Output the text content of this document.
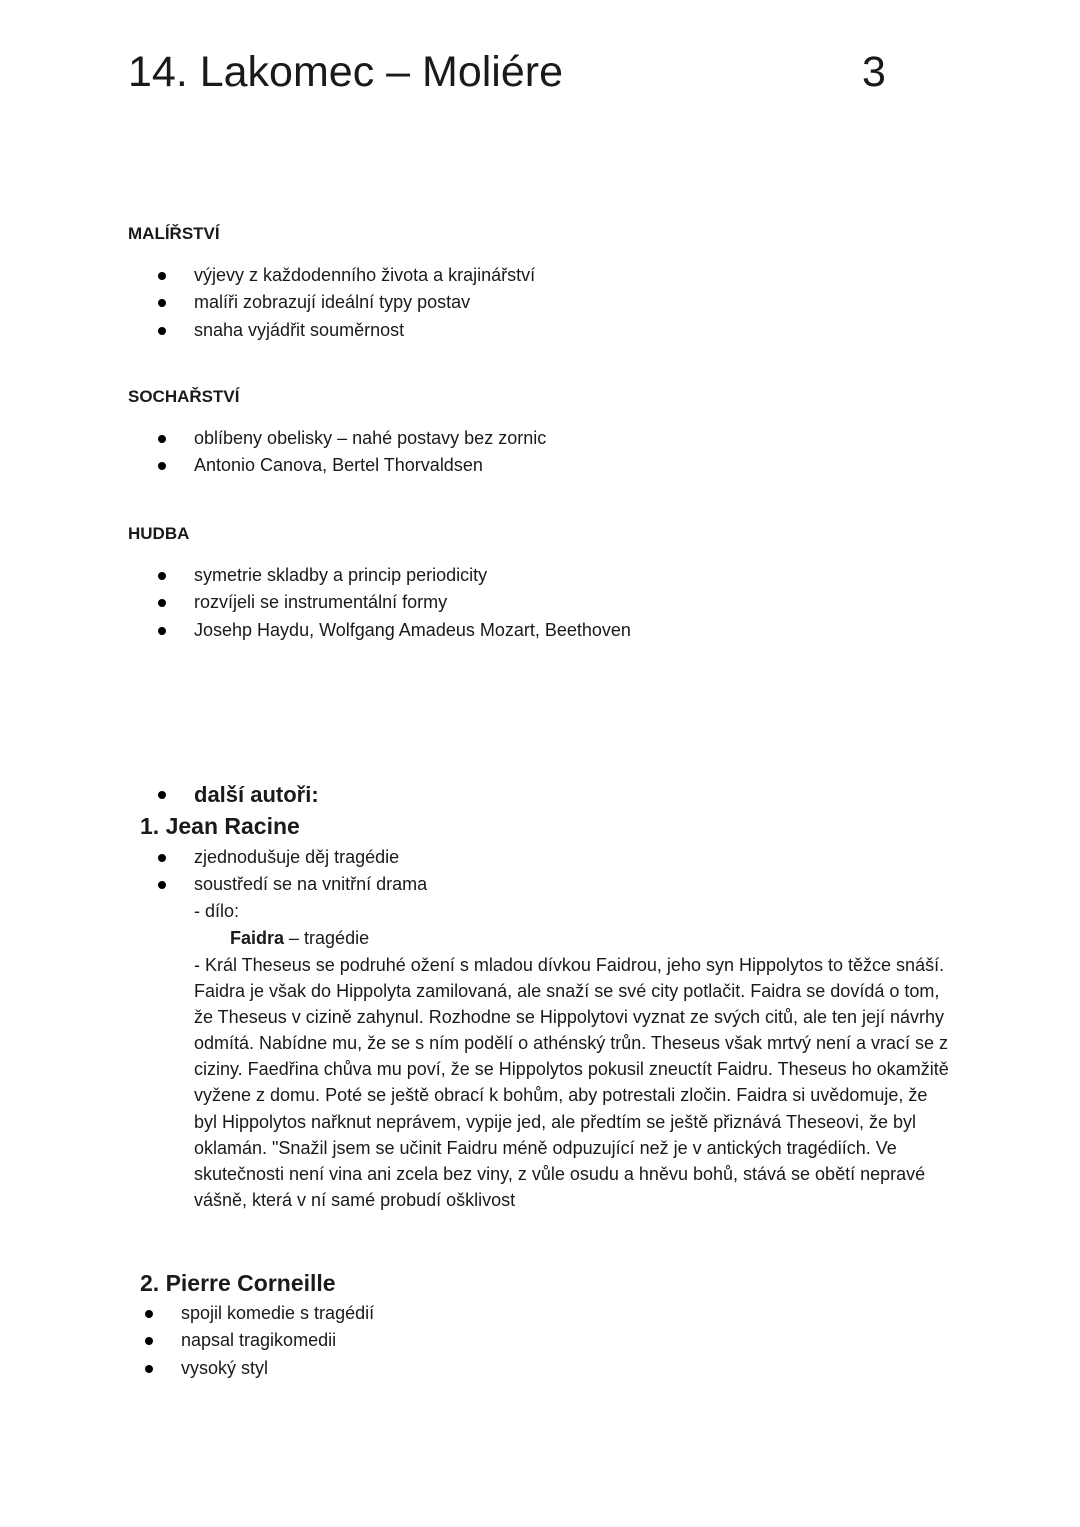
14. Lakomec – Moliére	3
MALÍŘSTVÍ
výjevy z každodenního života a krajinářství
malíři zobrazují ideální typy postav
snaha vyjádřit souměrnost
SOCHAŘSTVÍ
oblíbeny obelisky – nahé postavy bez zornic
Antonio Canova, Bertel Thorvaldsen
HUDBA
symetrie skladby a princip periodicity
rozvíjeli se instrumentální formy
Josehp Haydu, Wolfgang Amadeus Mozart, Beethoven
další autoři:
1. Jean Racine
zjednodušuje děj tragédie
soustředí se na vnitřní drama
- dílo:
Faidra – tragédie
- Král Theseus se podruhé ožení s mladou dívkou Faidrou, jeho syn Hippolytos to těžce snáší.
Faidra je však do Hippolyta zamilovaná, ale snaží se své city potlačit. Faidra se dovídá o tom,
že Theseus v cizině zahynul. Rozhodne se Hippolytovi vyznat ze svých citů, ale ten její návrhy
odmítá. Nabídne mu, že se s ním podělí o athénský trůn. Theseus však mrtvý není a vrací se z
ciziny. Faedřina chůva mu poví, že se Hippolytos pokusil zneuctít Faidru. Theseus ho okamžitě
vyžene z domu. Poté se ještě obrací k bohům, aby potrestali zločin. Faidra si uvědomuje, že
byl Hippolytos nařknut neprávem, vypije jed, ale předtím se ještě přiznává Theseovi, že byl
oklamán. "Snažil jsem se učinit Faidru méně odpuzující než je v antických tragédiích. Ve
skutečnosti není vina ani zcela bez viny, z vůle osudu a hněvu bohů, stává se obětí nepravé
vášně, která v ní samé probudí ošklivost
2. Pierre Corneille
spojil komedie s tragédií
napsal tragikomedii
vysoký styl
